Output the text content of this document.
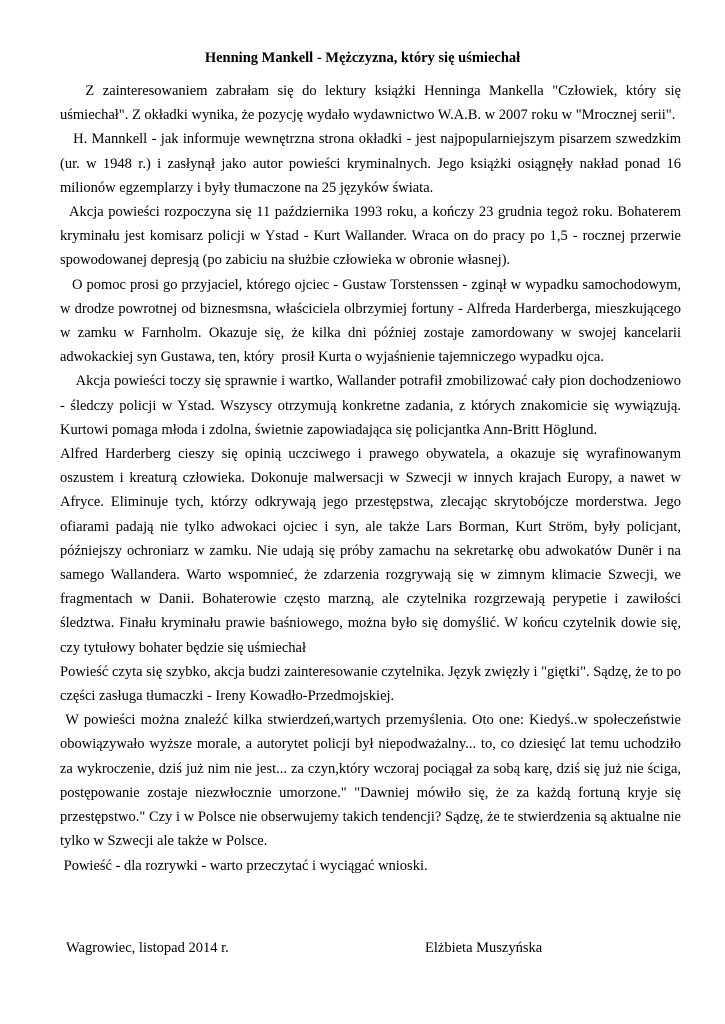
Henning Mankell - Mężczyzna, który się uśmiechał

Z zainteresowaniem zabrałam się do lektury książki Henninga Mankella "Człowiek, który się uśmiechał". Z okładki wynika, że pozycję wydało wydawnictwo W.A.B. w 2007 roku w "Mrocznej serii".

H. Mannkell - jak informuje wewnętrzna strona okładki - jest najpopularniejszym pisarzem szwedzkim (ur. w 1948 r.) i zasłynął jako autor powieści kryminalnych. Jego książki osiągnęły nakład ponad 16 milionów egzemplarzy i były tłumaczone na 25 języków świata.

Akcja powieści rozpoczyna się 11 października 1993 roku, a kończy 23 grudnia tegoż roku. Bohaterem kryminału jest komisarz policji w Ystad - Kurt Wallander. Wraca on do pracy po 1,5 - rocznej przerwie spowodowanej depresją (po zabiciu na służbie człowieka w obronie własnej).

O pomoc prosi go przyjaciel, którego ojciec - Gustaw Torstenssen - zginął w wypadku samochodowym, w drodze powrotnej od biznesmsna, właściciela olbrzymiej fortuny - Alfreda Harderberga, mieszkującego w zamku w Farnholm. Okazuje się, że kilka dni później zostaje zamordowany w swojej kancelarii adwokackiej syn Gustawa, ten, który  prosił Kurta o wyjaśnienie tajemniczego wypadku ojca.

Akcja powieści toczy się sprawnie i wartko, Wallander potrafił zmobilizować cały pion dochodzeniowo - śledczy policji w Ystad. Wszyscy otrzymują konkretne zadania, z których znakomicie się wywiązują. Kurtowi pomaga młoda i zdolna, świetnie zapowiadająca się policjantka Ann-Britt Höglund.

Alfred Harderberg cieszy się opinią uczciwego i prawego obywatela, a okazuje się wyrafinowanym oszustem i kreaturą człowieka. Dokonuje malwersacji w Szwecji w innych krajach Europy, a nawet w Afryce. Eliminuje tych, którzy odkrywają jego przestępstwa, zlecając skrytobójcze morderstwa. Jego ofiarami padają nie tylko adwokaci ojciec i syn, ale także Lars Borman, Kurt Ström, były policjant, późniejszy ochroniarz w zamku. Nie udają się próby zamachu na sekretarkę obu adwokatów Dunër i na samego Wallandera. Warto wspomnieć, że zdarzenia rozgrywają się w zimnym klimacie Szwecji, we fragmentach w Danii. Bohaterowie często marzną, ale czytelnika rozgrzewają perypetie i zawiłości śledztwa. Finału kryminału prawie baśniowego, można było się domyślić. W końcu czytelnik dowie się, czy tytułowy bohater będzie się uśmiechał

Powieść czyta się szybko, akcja budzi zainteresowanie czytelnika. Język zwięzły i "giętki". Sądzę, że to po części zasługa tłumaczki - Ireny Kowadło-Przedmojskiej.

W powieści można znaleźć kilka stwierdzeń,wartych przemyślenia. Oto one: Kiedyś..w społeczeństwie obowiązywało wyższe morale, a autorytet policji był niepodważalny... to, co dziesięć lat temu uchodziło za wykroczenie, dziś już nim nie jest... za czyn,który wczoraj pociągał za sobą karę, dziś się już nie ściga, postępowanie zostaje niezwłocznie umorzone." "Dawniej mówiło się, że za każdą fortuną kryje się przestępstwo." Czy i w Polsce nie obserwujemy takich tendencji? Sądzę, że te stwierdzenia są aktualne nie tylko w Szwecji ale także w Polsce.

Powieść - dla rozrywki - warto przeczytać i wyciągać wnioski.

Wagrowiec, listopad 2014 r.	Elżbieta Muszyńska
